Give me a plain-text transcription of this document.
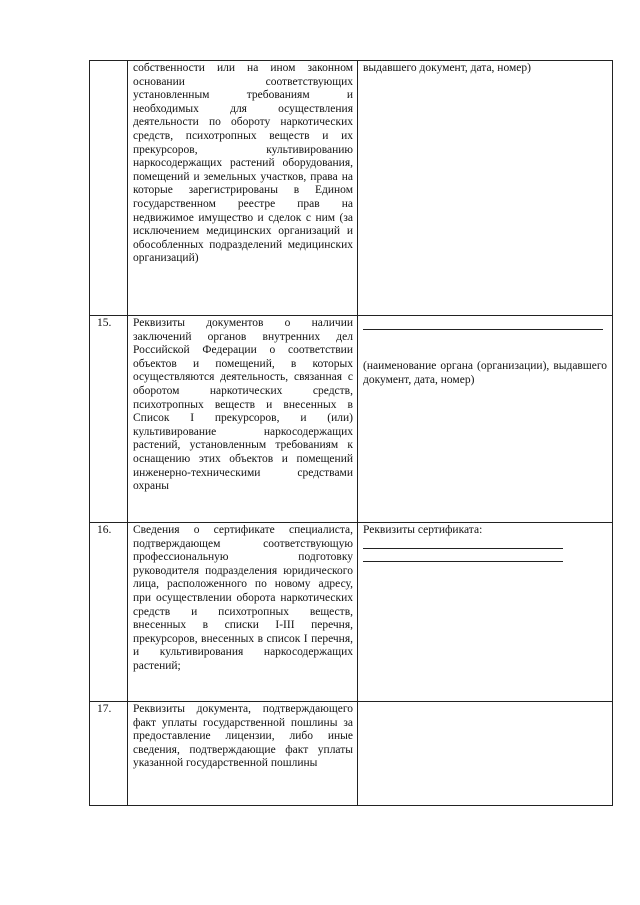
	собственности или на ином законном основании соответствующих установленным требованиям и необходимых для осуществления деятельности по обороту наркотических средств, психотропных веществ и их прекурсоров, культивированию наркосодержащих растений оборудования, помещений и земельных участков, права на которые зарегистрированы в Едином государственном реестре прав на недвижимое имущество и сделок с ним (за исключением медицинских организаций и обособленных подразделений медицинских организаций)	выдавшего документ, дата, номер)
15.	Реквизиты документов о наличии заключений органов внутренних дел Российской Федерации о соответствии объектов и помещений, в которых осуществляются деятельность, связанная с оборотом наркотических средств, психотропных веществ и внесенных в Список I прекурсоров, и (или) культивирование наркосодержащих растений, установленным требованиям к оснащению этих объектов и помещений инженерно-техническими средствами охраны	(наименование органа (организации), выдавшего документ, дата, номер)

16.	Сведения о сертификате специалиста, подтверждающем соответствующую профессиональную подготовку руководителя подразделения юридического лица, расположенного по новому адресу, при осуществлении оборота наркотических средств и психотропных веществ, внесенных в списки I-III перечня, прекурсоров, внесенных в список I перечня, и культивирования наркосодержащих растений;	Реквизиты сертификата:

17.	Реквизиты документа, подтверждающего факт уплаты государственной пошлины за предоставление лицензии, либо иные сведения, подтверждающие факт уплаты указанной государственной пошлины	
